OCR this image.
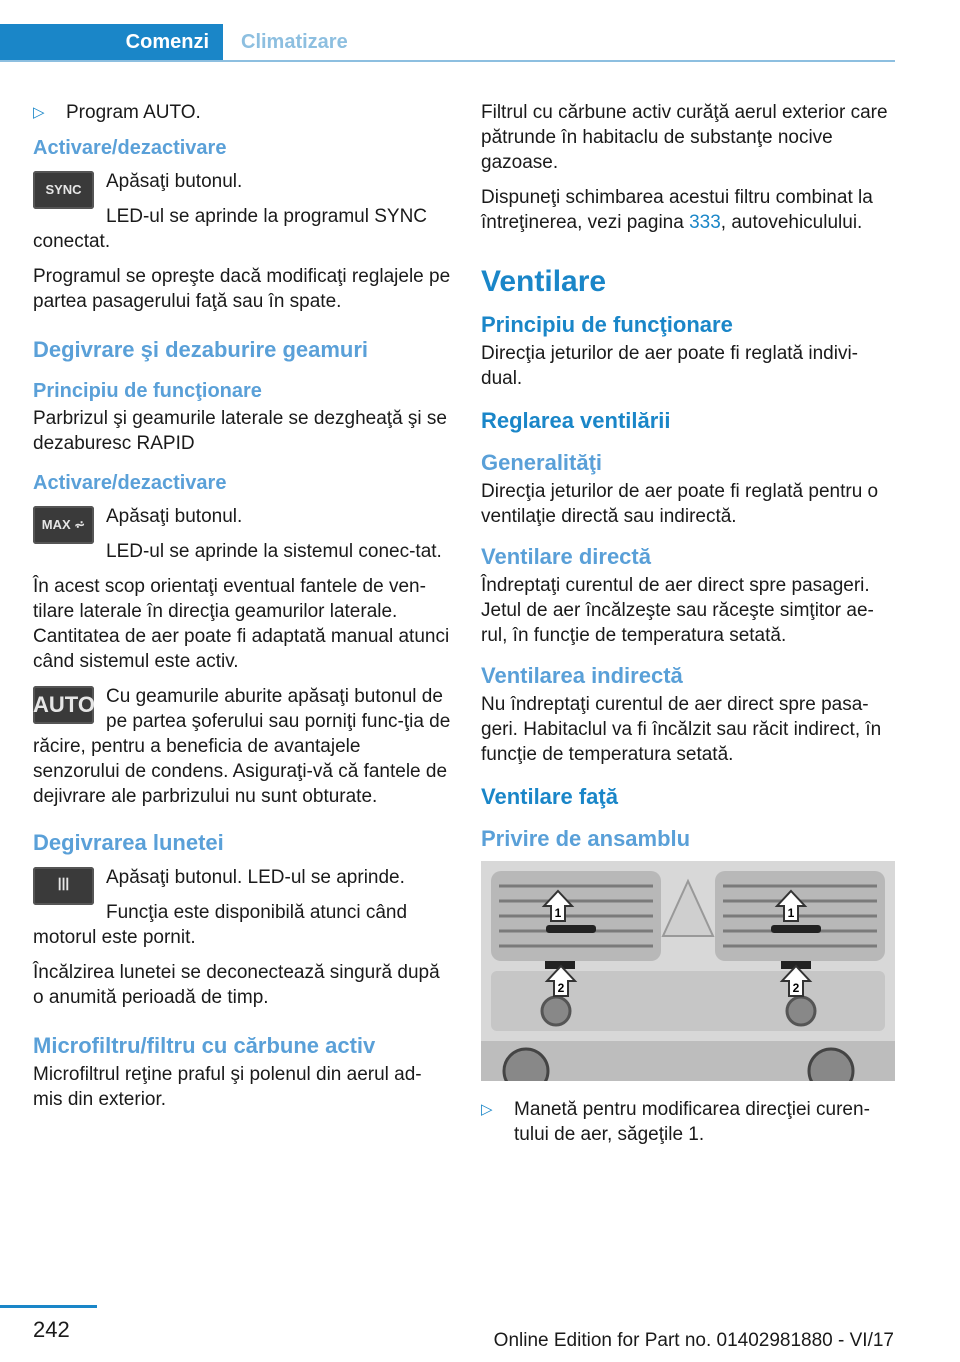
Comenzi	Climatizare

▷ Program AUTO.

Activare/dezactivare
SYNC	Apăsaţi butonul.

LED-ul se aprinde la programul SYNC conectat.

Programul se opreşte dacă modificaţi reglajele pe partea pasagerului faţă sau în spate.

Degivrare şi dezaburire geamuri
Principiu de funcţionare

Parbrizul şi geamurile laterale se dezgheaţă şi se dezaburesc RAPID

Activare/dezactivare
MAX ⩫	Apăsaţi butonul.

LED-ul se aprinde la sistemul conec-tat.

În acest scop orientaţi eventual fantele de ven-tilare laterale în direcţia geamurilor laterale. Cantitatea de aer poate fi adaptată manual atunci când sistemul este activ.

AUTO Cu geamurile aburite apăsaţi butonul de pe partea şoferului sau porniţi func-ţia de răcire, pentru a beneficia de avantajele senzorului de condens. Asiguraţi-vă că fantele de dejivrare ale parbrizului nu sunt obturate.

Degivrarea lunetei
ꟾꟾꟾ	Apăsaţi butonul. LED-ul se aprinde.

Funcţia este disponibilă atunci când motorul este pornit.

Încălzirea lunetei se deconectează singură după o anumită perioadă de timp.

Microfiltru/filtru cu cărbune activ

Microfiltrul reţine praful şi polenul din aerul ad-mis din exterior.

Filtrul cu cărbune activ curăţă aerul exterior care pătrunde în habitaclu de substanţe nocive gazoase.

Dispuneţi schimbarea acestui filtru combinat la întreţinerea, vezi pagina 333, autovehiculului.

Ventilare
Principiu de funcţionare

Direcţia jeturilor de aer poate fi reglată indivi-dual.

Reglarea ventilării
Generalităţi

Direcţia jeturilor de aer poate fi reglată pentru o ventilaţie directă sau indirectă.

Ventilare directă

Îndreptaţi curentul de aer direct spre pasageri. Jetul de aer încălzeşte sau răceşte simţitor ae-rul, în funcţie de temperatura setată.

Ventilarea indirectă

Nu îndreptaţi curentul de aer direct spre pasa-geri. Habitaclul va fi încălzit sau răcit indirect, în funcţie de temperatura setată.

Ventilare faţă
Privire de ansamblu
1	1
2	2

▷ Manetă pentru modificarea direcţiei curen-tului de aer, săgeţile 1.

242	Online Edition for Part no. 01402981880 - VI/17
